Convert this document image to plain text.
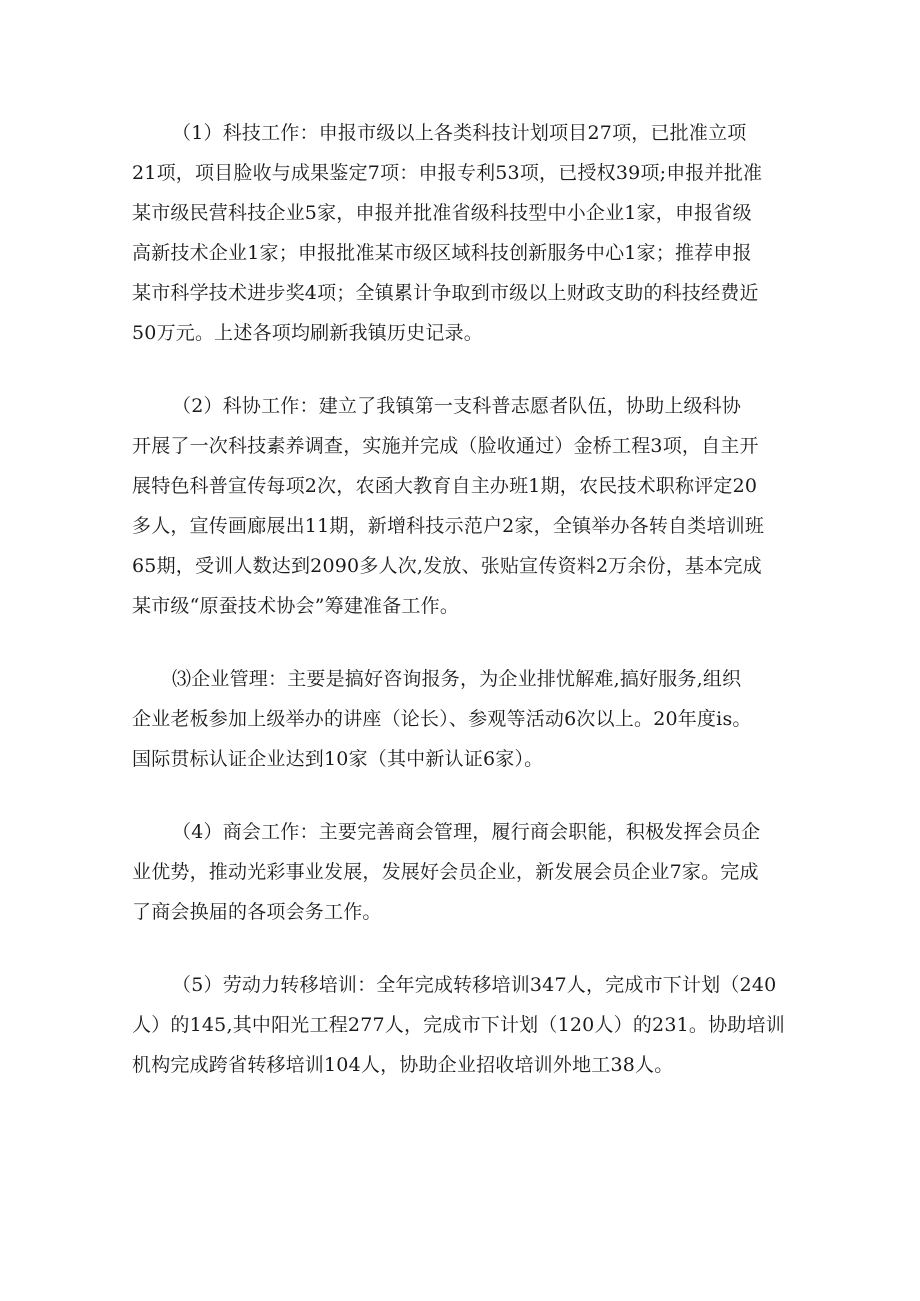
（1）科技工作：申报市级以上各类科技计划项目27项，已批准立项
21项，项目脸收与成果鉴定7项：申报专利53项，已授权39项;申报并批准
某市级民营科技企业5家，申报并批准省级科技型中小企业1家，申报省级
高新技术企业1家；申报批准某市级区域科技创新服务中心1家；推荐申报
某市科学技术进步奖4项；全镇累计争取到市级以上财政支助的科技经费近
50万元。上述各项均刷新我镇历史记录。

（2）科协工作：建立了我镇第一支科普志愿者队伍，协助上级科协
开展了一次科技素养调查，实施并完成（脸收通过）金桥工程3项，自主开
展特色科普宣传每项2次，农函大教育自主办班1期，农民技术职称评定20
多人，宣传画廊展出11期，新增科技示范户2家，全镇举办各转自类培训班
65期，受训人数达到2090多人次,发放、张贴宣传资料2万余份，基本完成
某市级“原蚕技术协会”筹建准备工作。

⑶企业管理：主要是搞好咨询报务，为企业排忧解难,搞好服务,组织
企业老板参加上级举办的讲座（论长）、参观等活动6次以上。20年度is。
国际贯标认证企业达到10家（其中新认证6家）。

（4）商会工作：主要完善商会管理，履行商会职能，积极发挥会员企
业优势，推动光彩事业发展，发展好会员企业，新发展会员企业7家。完成
了商会换届的各项会务工作。

（5）劳动力转移培训：全年完成转移培训347人，完成市下计划（240
人）的145,其中阳光工程277人，完成市下计划（120人）的231。协助培训
机构完成跨省转移培训104人，协助企业招收培训外地工38人。
